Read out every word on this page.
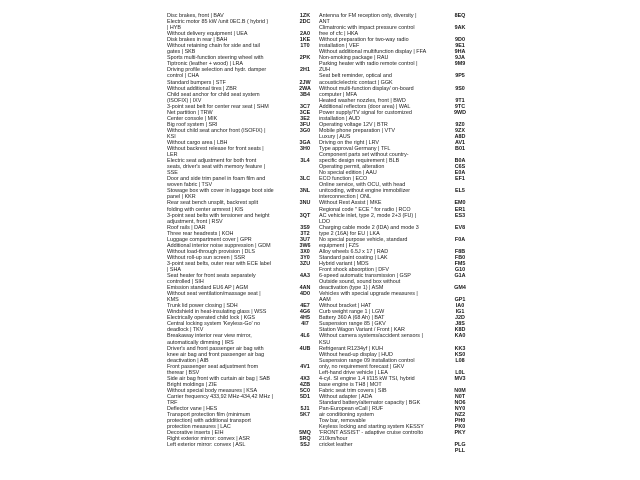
Disc brakes, front | BAV
Electric motor 85 kW /unit 0EC.B ( hybrid )
| HYB
Without delivery equipment | UEA
Disk brakes in rear | BAH
Without retaining chain for side and tail
gates | SKB
Sports multi-function steering wheel with
Tiptronic (leather + wood) | LRA
Driving profile selection and hydr. damper
control | CHA
Standard bumpers | STF
Without additional tires | ZBR
Child seat anchor for child seat system
(ISOFIX) | IXV
3-point seat belt for center rear seat | SHM
Net partition | TRW
Center console | MIK
Big roof system | SRI
Without child seat anchor front (ISOFIX) |
KSI
Without cargo area | LBH
Without backrest release for front seats |
LER
Electric seat adjustment for both front
seats, driver's seat with memory feature |
SSE
Door and side trim panel in foam film and
woven fabric | TSV
Stowage box with cover in luggage boot side
panel | KKR
Rear seat bench unsplit, backrest split
folding with center armrest | KIS
3-point seat belts with tensioner and height
adjustment, front | RSV
Roof rails | DAR
Three rear headrests | KOH
Luggage compartment cover | GPR
Additional interior noise suppression | GDM
Without load-through provision | DLS
Without roll-up sun screen | SSR
3-point seat belts, outer rear with ECE label
| SHA
Seat heater for front seats separately
controlled | SIH
Emission standard EU6 AP | AGM
Without seat ventilation/massage seat |
KMS
Trunk lid power closing | SDH
Windshield in heat-insulating glass | WSS
Electrically operated child lock | KGS
Central locking system 'Keyless-Go' no
deadlock | TKV
Breakaway interior rear view mirror,
automatically dimming | IRS
Driver's and front passenger air bag with
knee air bag and front passenger air bag
deactivation | AIB
Front passenger seat adjustment from
therear | BSV
Side air bag front with curtain air bag | SAB
Bright moldings | ZIE
Without special body measures | KSA
Carrier frequency 433,92 MHz-434,42 MHz |
TRF
Deflector vane | HES
Transport protection film (minimum
protection) with additional transport
protection measures | LAC
Decorative inserts | EIH
Right exterior mirror: convex | ASR
Left exterior mirror: convex | ASL
1ZK
2DC

2A0
1KE
1T0

2PK

2H1

2JW
2WA
3B4

3C7
3CE
3E2
3FU
3G0

3GA
3H0

3L4

3LC

3NL

3NU

3QT

3S9
3T2
3U7
3W6
3X0
3Y0
3ZU

4A3

4AN
4D0

4E7
4G6
4H5
4I7

4L6

4UB

4V1

4X3
4ZB
5C0
5D1

5J1
5K7

5MQ
5RQ
5SJ
Antenna for FM reception only, diversity |
ANT
Climatronic with impact pressure control
free of cfc | HKA
Without preparation for two-way radio
installation | VEF
Without additional multifunction display | FFA
Non-smoking package | RAU
Parking heater with radio remote control |
ZUH
Seat belt reminder, optical and
acoustic/electric contact | GGK
Without multi-function display/ on-board
computer | MFA
Heated washer nozzles, front | BWD
Additional reflectors (door area) | WAL
Power supply/TV signal for customized
installation | AUD
Operating voltage 12V | BTR
Mobile phone preparation | VTV
Luxury | AUS
Driving on the right | LRV
Type approval Germany | TFL
Component parts set without country-
specific design requirement | BLB
Operating permit, alteration
No special edition | AAU
ECO function | ECO
Online service, with OCU, with head
unitcoding, without engine immobilizer
interconnection | ONL
Without Rest Assist | MKE
Regional code " ECE " for radio | RCO
AC vehicle inlet, type 2, mode 2+3 (FU) |
LDO
Charging cable mode 2 (IDA) and mode 3
type 2 (16A) for EU | LKA
No special purpose vehicle, standard
equipment | FZS
Alloy wheels 6.5J x 17 | RAD
Standard paint coating | LAK
Hybrid variant | MDS
Front shock absorption | DFV
6-speed automatic transmission | GSP
Outside sound, sound box without
deactivation (type 1) | ASM
Vehicles with special upgrade measures |
AAM
Without bracket | HAT
Curb weight range 1 | LGW
Battery 360 A (68 Ah) | BAT
Suspension range 85 | GKV
Station Wagon Variant / Front | KAR
Without camera systems/accident sensors |
KSU
Refrigerant R1234yf | KUH
Without head-up display | HUD
Suspension range 09 installation control
only, no requirement forecast | GKV
Left-hand drive vehicle | LEA
4-cyl. SI engine 1.4 l/115 kW TSI, hybrid
base engine is TH8 | MOT
Fabric seat trim covers | SIB
Without adapter | ADA
Standard battery/alternator capacity | BGK
Pan-European eCall | RUF
air conditioning system
Tow bar, removable
Keyless locking and starting system KESSY
'FRONT ASSIST' - adaptive cruise controlto
210km/hour
cricket leather
8EQ

9AK

9D0
9E1
9HA
9JA
9M9

9P5

9S0

9T1
9TC
9WD

9Z0
9ZX
A8D
AV1
B01

B0A
C6S
E0A
EF1

EL5

EM0
ER1
ES3

EV8

F0A

F8B
FB0
FM5
G10
G1A

GM4

GP1
IA0
IG1
J2D
J8S
K8D
KA0

KK3
KS0
L08

L0L
MV3

N0M
N0T
NO6
NY0
NZ2
PH0
PK0
PKY

PLG
PLL
